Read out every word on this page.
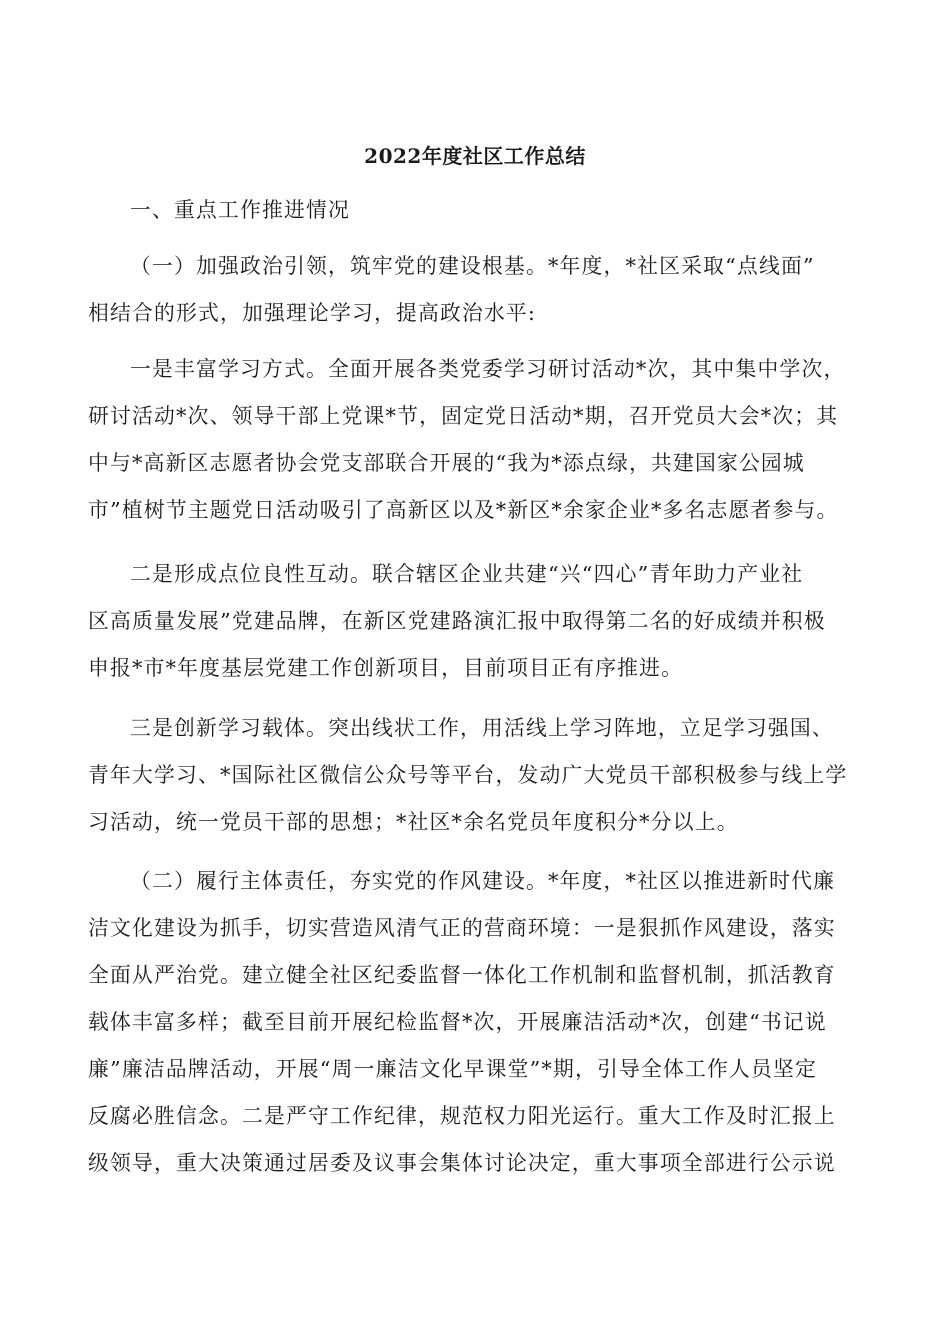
2022年度社区工作总结
一、重点工作推进情况
（一）加强政治引领，筑牢党的建设根基。*年度，*社区采取“点线面”
相结合的形式，加强理论学习，提高政治水平:
一是丰富学习方式。全面开展各类党委学习研讨活动*次，其中集中学次，
研讨活动*次、领导干部上党课*节，固定党日活动*期，召开党员大会*次；其
中与*高新区志愿者协会党支部联合开展的“我为*添点绿，共建国家公园城
市”植树节主题党日活动吸引了高新区以及*新区*余家企业*多名志愿者参与。
二是形成点位良性互动。联合辖区企业共建“兴“四心”青年助力产业社
区高质量发展”党建品牌，在新区党建路演汇报中取得第二名的好成绩并积极
申报*市*年度基层党建工作创新项目，目前项目正有序推进。
三是创新学习载体。突出线状工作，用活线上学习阵地，立足学习强国、
青年大学习、*国际社区微信公众号等平台，发动广大党员干部积极参与线上学
习活动，统一党员干部的思想；*社区*余名党员年度积分*分以上。
（二）履行主体责任，夯实党的作风建设。*年度，*社区以推进新时代廉
洁文化建设为抓手，切实营造风清气正的营商环境：一是狠抓作风建设，落实
全面从严治党。建立健全社区纪委监督一体化工作机制和监督机制，抓活教育
载体丰富多样；截至目前开展纪检监督*次，开展廉洁活动*次，创建“书记说
廉”廉洁品牌活动，开展“周一廉洁文化早课堂”*期，引导全体工作人员坚定
反腐必胜信念。二是严守工作纪律，规范权力阳光运行。重大工作及时汇报上
级领导，重大决策通过居委及议事会集体讨论决定，重大事项全部进行公示说
